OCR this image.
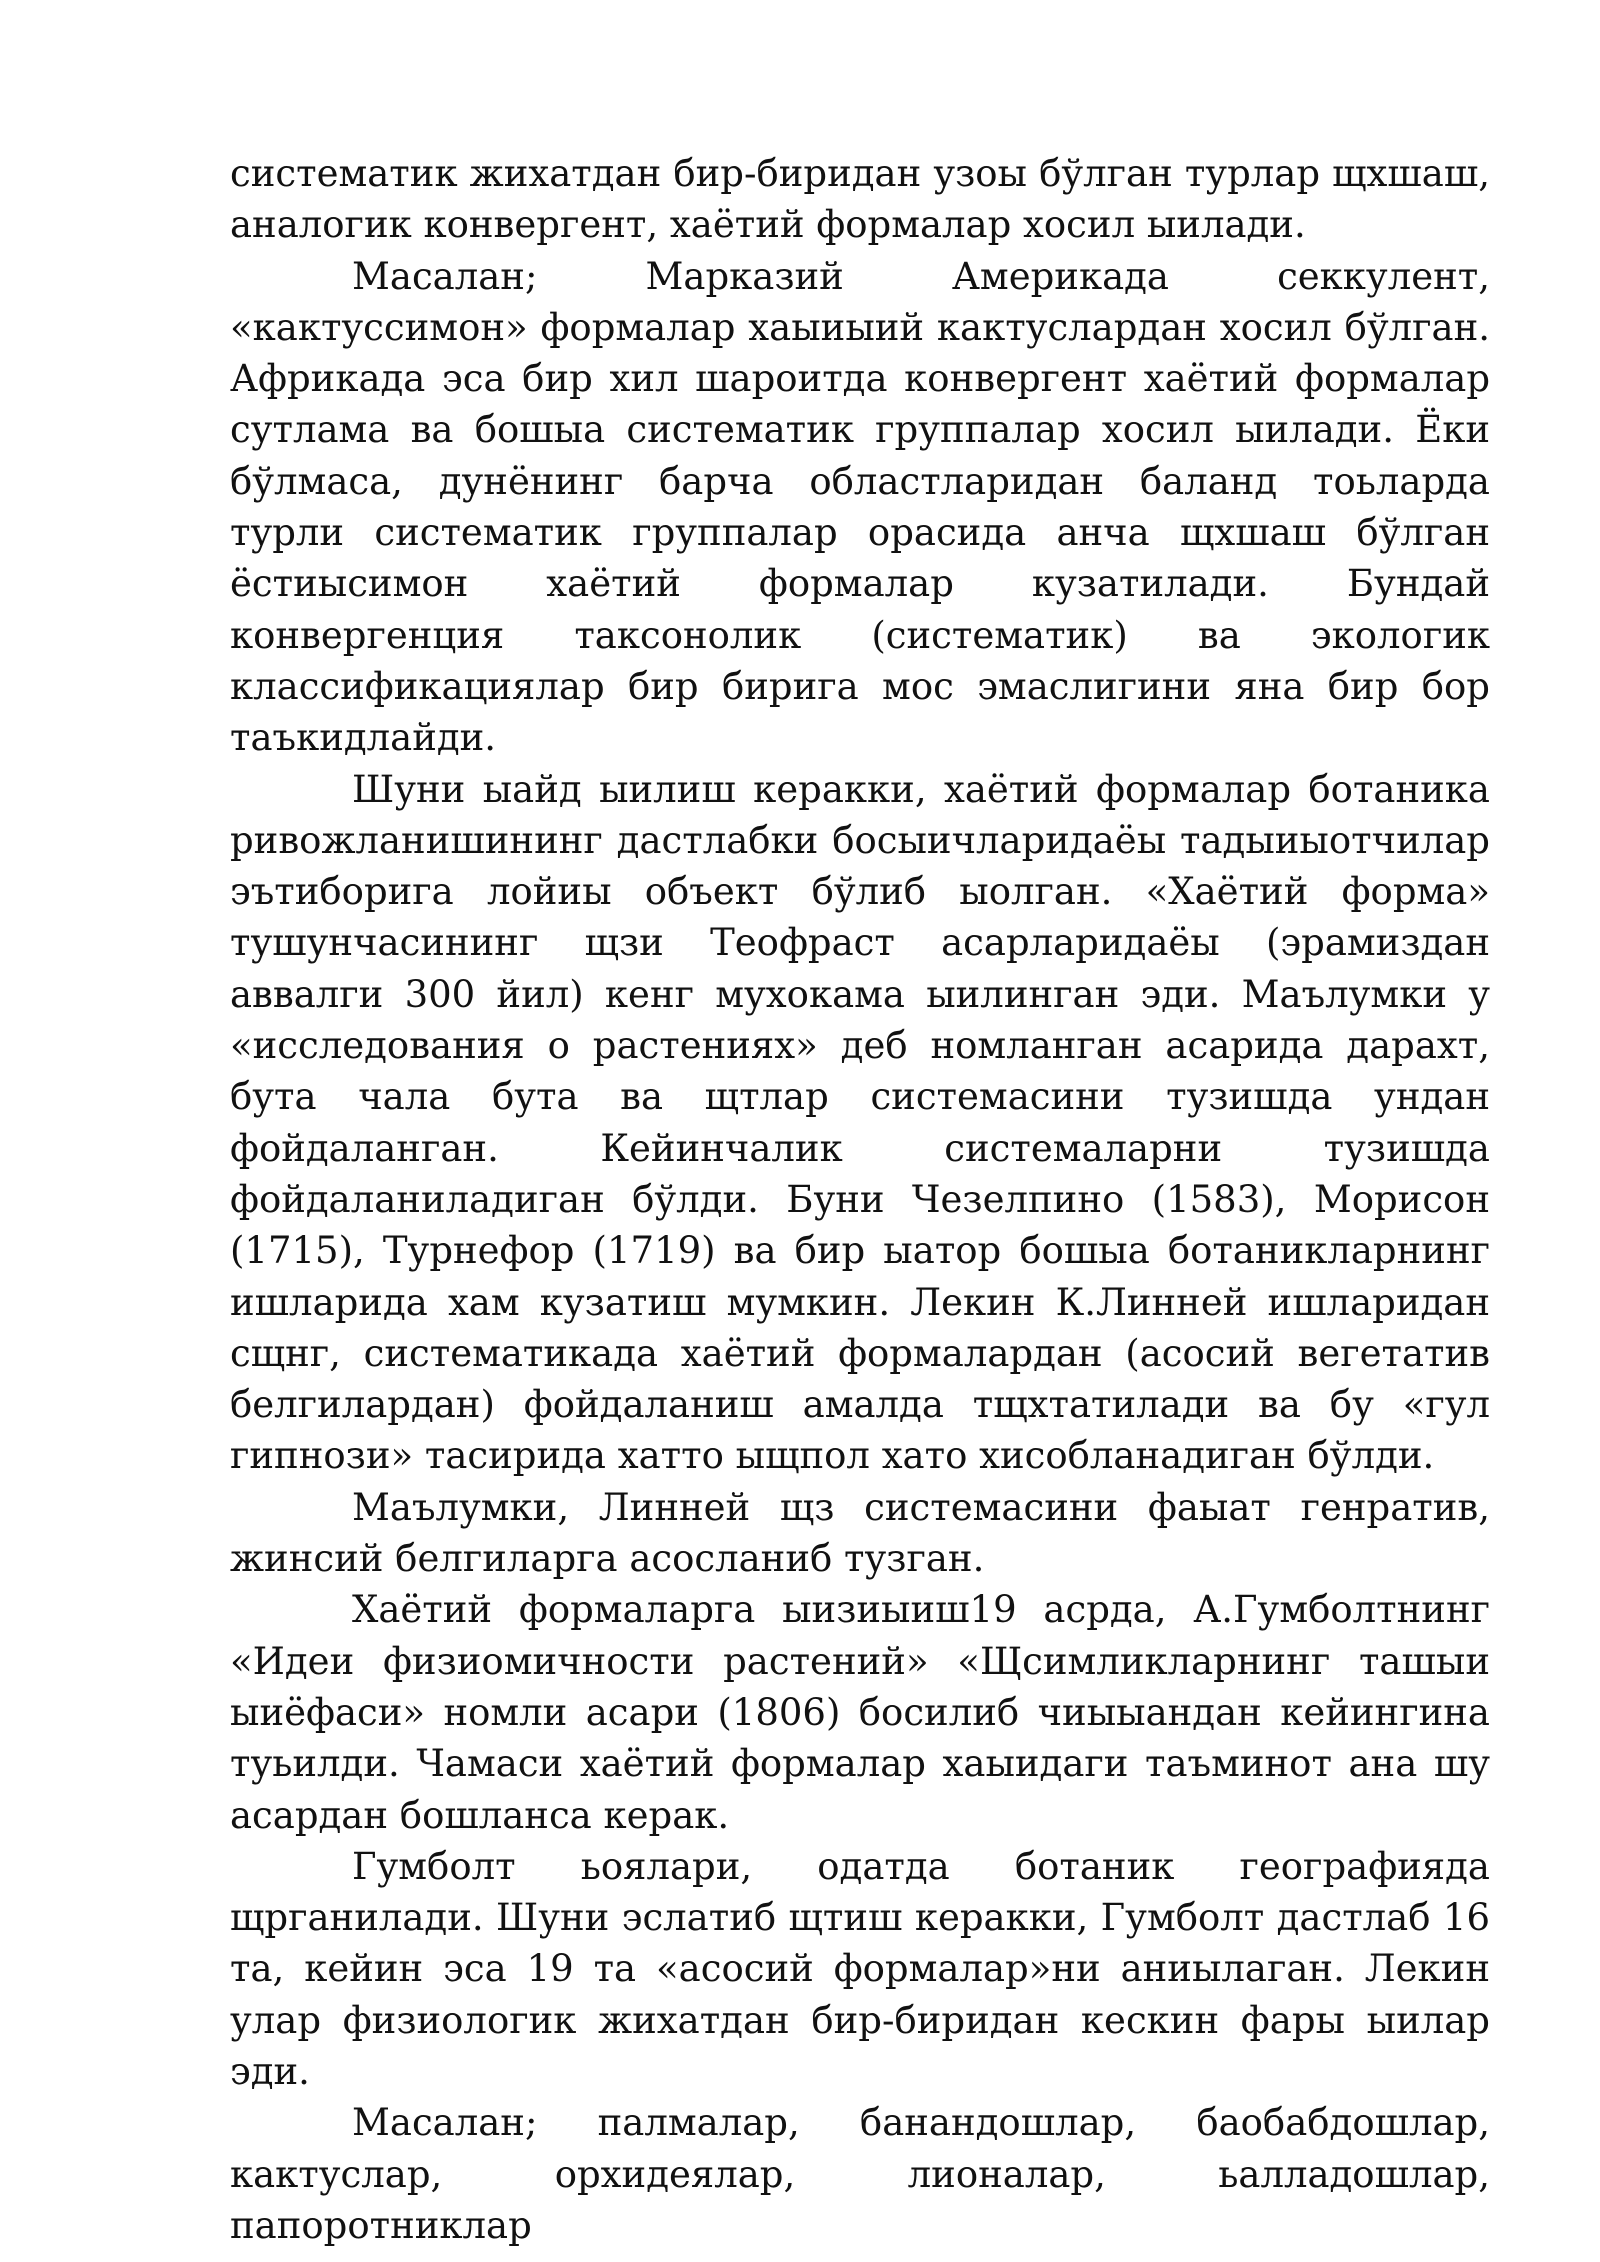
систематик жихатдан бир-биридан узоы бўлган турлар щхшаш, аналогик конвергент, хаётий формалар хосил ыилади.

Масалан; Марказий Америкада секкулент, «кактуссимон» формалар хаыиыий кактуслардан хосил бўлган. Африкада эса бир хил шароитда конвергент хаётий формалар сутлама ва бошыа систематик группалар хосил ыилади. Ёки бўлмаса, дунёнинг барча областларидан баланд тоьларда турли систематик группалар орасида анча щхшаш бўлган ёстиысимон хаётий формалар кузатилади. Бундай конвергенция таксонолик (систематик) ва экологик классификациялар бир бирига мос эмаслигини яна бир бор таъкидлайди.

Шуни ыайд ыилиш керакки, хаётий формалар ботаника ривожланишининг дастлабки босыичларидаёы тадыиыотчилар эътиборига лойиы объект бўлиб ыолган. «Хаётий форма» тушунчасининг щзи Теофраст асарларидаёы (эрамиздан аввалги 300 йил) кенг мухокама ыилинган эди. Маълумки у «исследования о растениях» деб номланган асарида дарахт, бута чала бута ва щтлар системасини тузишда ундан фойдаланган. Кейинчалик системаларни тузишда фойдаланиладиган бўлди. Буни Чезелпино (1583), Морисон (1715), Турнефор (1719) ва бир ыатор бошыа ботаникларнинг ишларида хам кузатиш мумкин. Лекин К.Линней ишларидан сщнг, систематикада хаётий формалардан (асосий вегетатив белгилардан) фойдаланиш амалда тщхтатилади ва бу «гул гипнози» тасирида хатто ыщпол хато хисобланадиган бўлди.

Маълумки, Линней щз системасини фаыат генратив, жинсий белгиларга асосланиб тузган.

Хаётий формаларга ыизиыиш19 асрда, А.Гумболтнинг «Идеи физиомичности растений» «Щсимликларнинг ташыи ыиёфаси» номли асари (1806) босилиб чиыыандан кейингина туьилди. Чамаси хаётий формалар хаыидаги таъминот ана шу асардан бошланса керак.

Гумболт ьоялари, одатда ботаник географияда щрганилади. Шуни эслатиб щтиш керакки, Гумболт дастлаб 16 та, кейин эса 19 та «асосий формалар»ни аниылаган. Лекин улар физиологик жихатдан бир-биридан кескин фары ыилар эди.

Масалан; палмалар, банандошлар, баобабдошлар, кактуслар, орхидеялар, лионалар, ьалладошлар, папоротниклар
